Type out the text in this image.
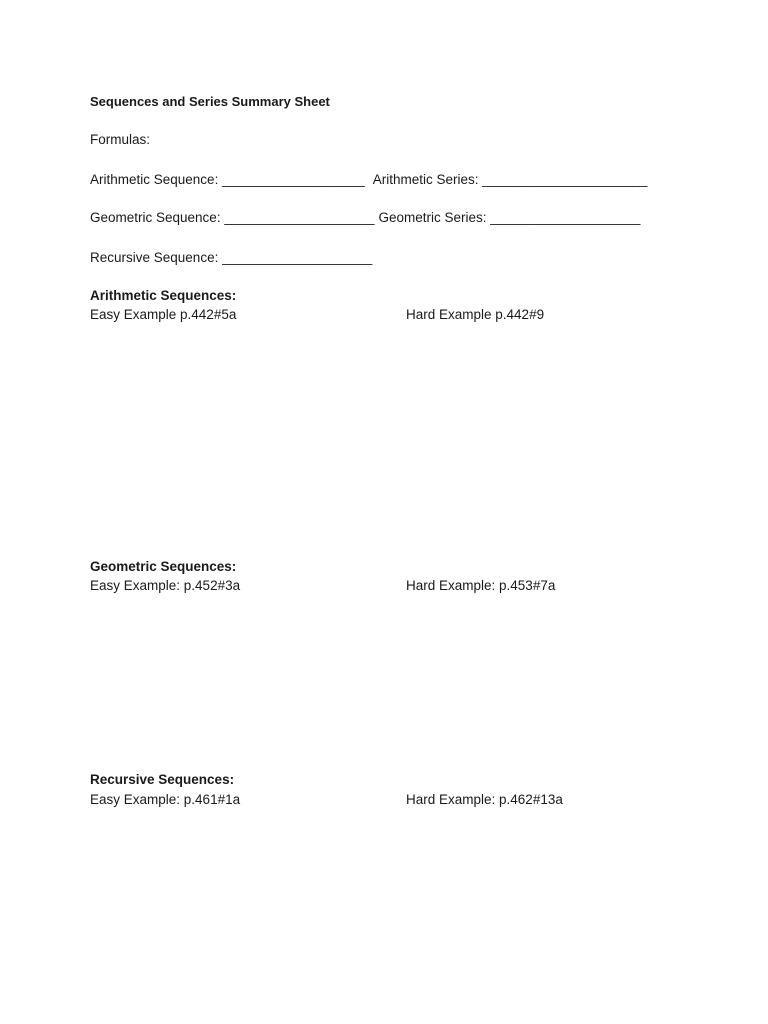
Sequences and Series Summary Sheet
Formulas:
Arithmetic Sequence: ___________________ Arithmetic Series: ______________________
Geometric Sequence: ____________________ Geometric Series: ____________________
Recursive Sequence: ____________________
Arithmetic Sequences:
Easy Example p.442#5a	Hard Example p.442#9
Geometric Sequences:
Easy Example: p.452#3a	Hard Example: p.453#7a
Recursive Sequences:
Easy Example: p.461#1a	Hard Example: p.462#13a
